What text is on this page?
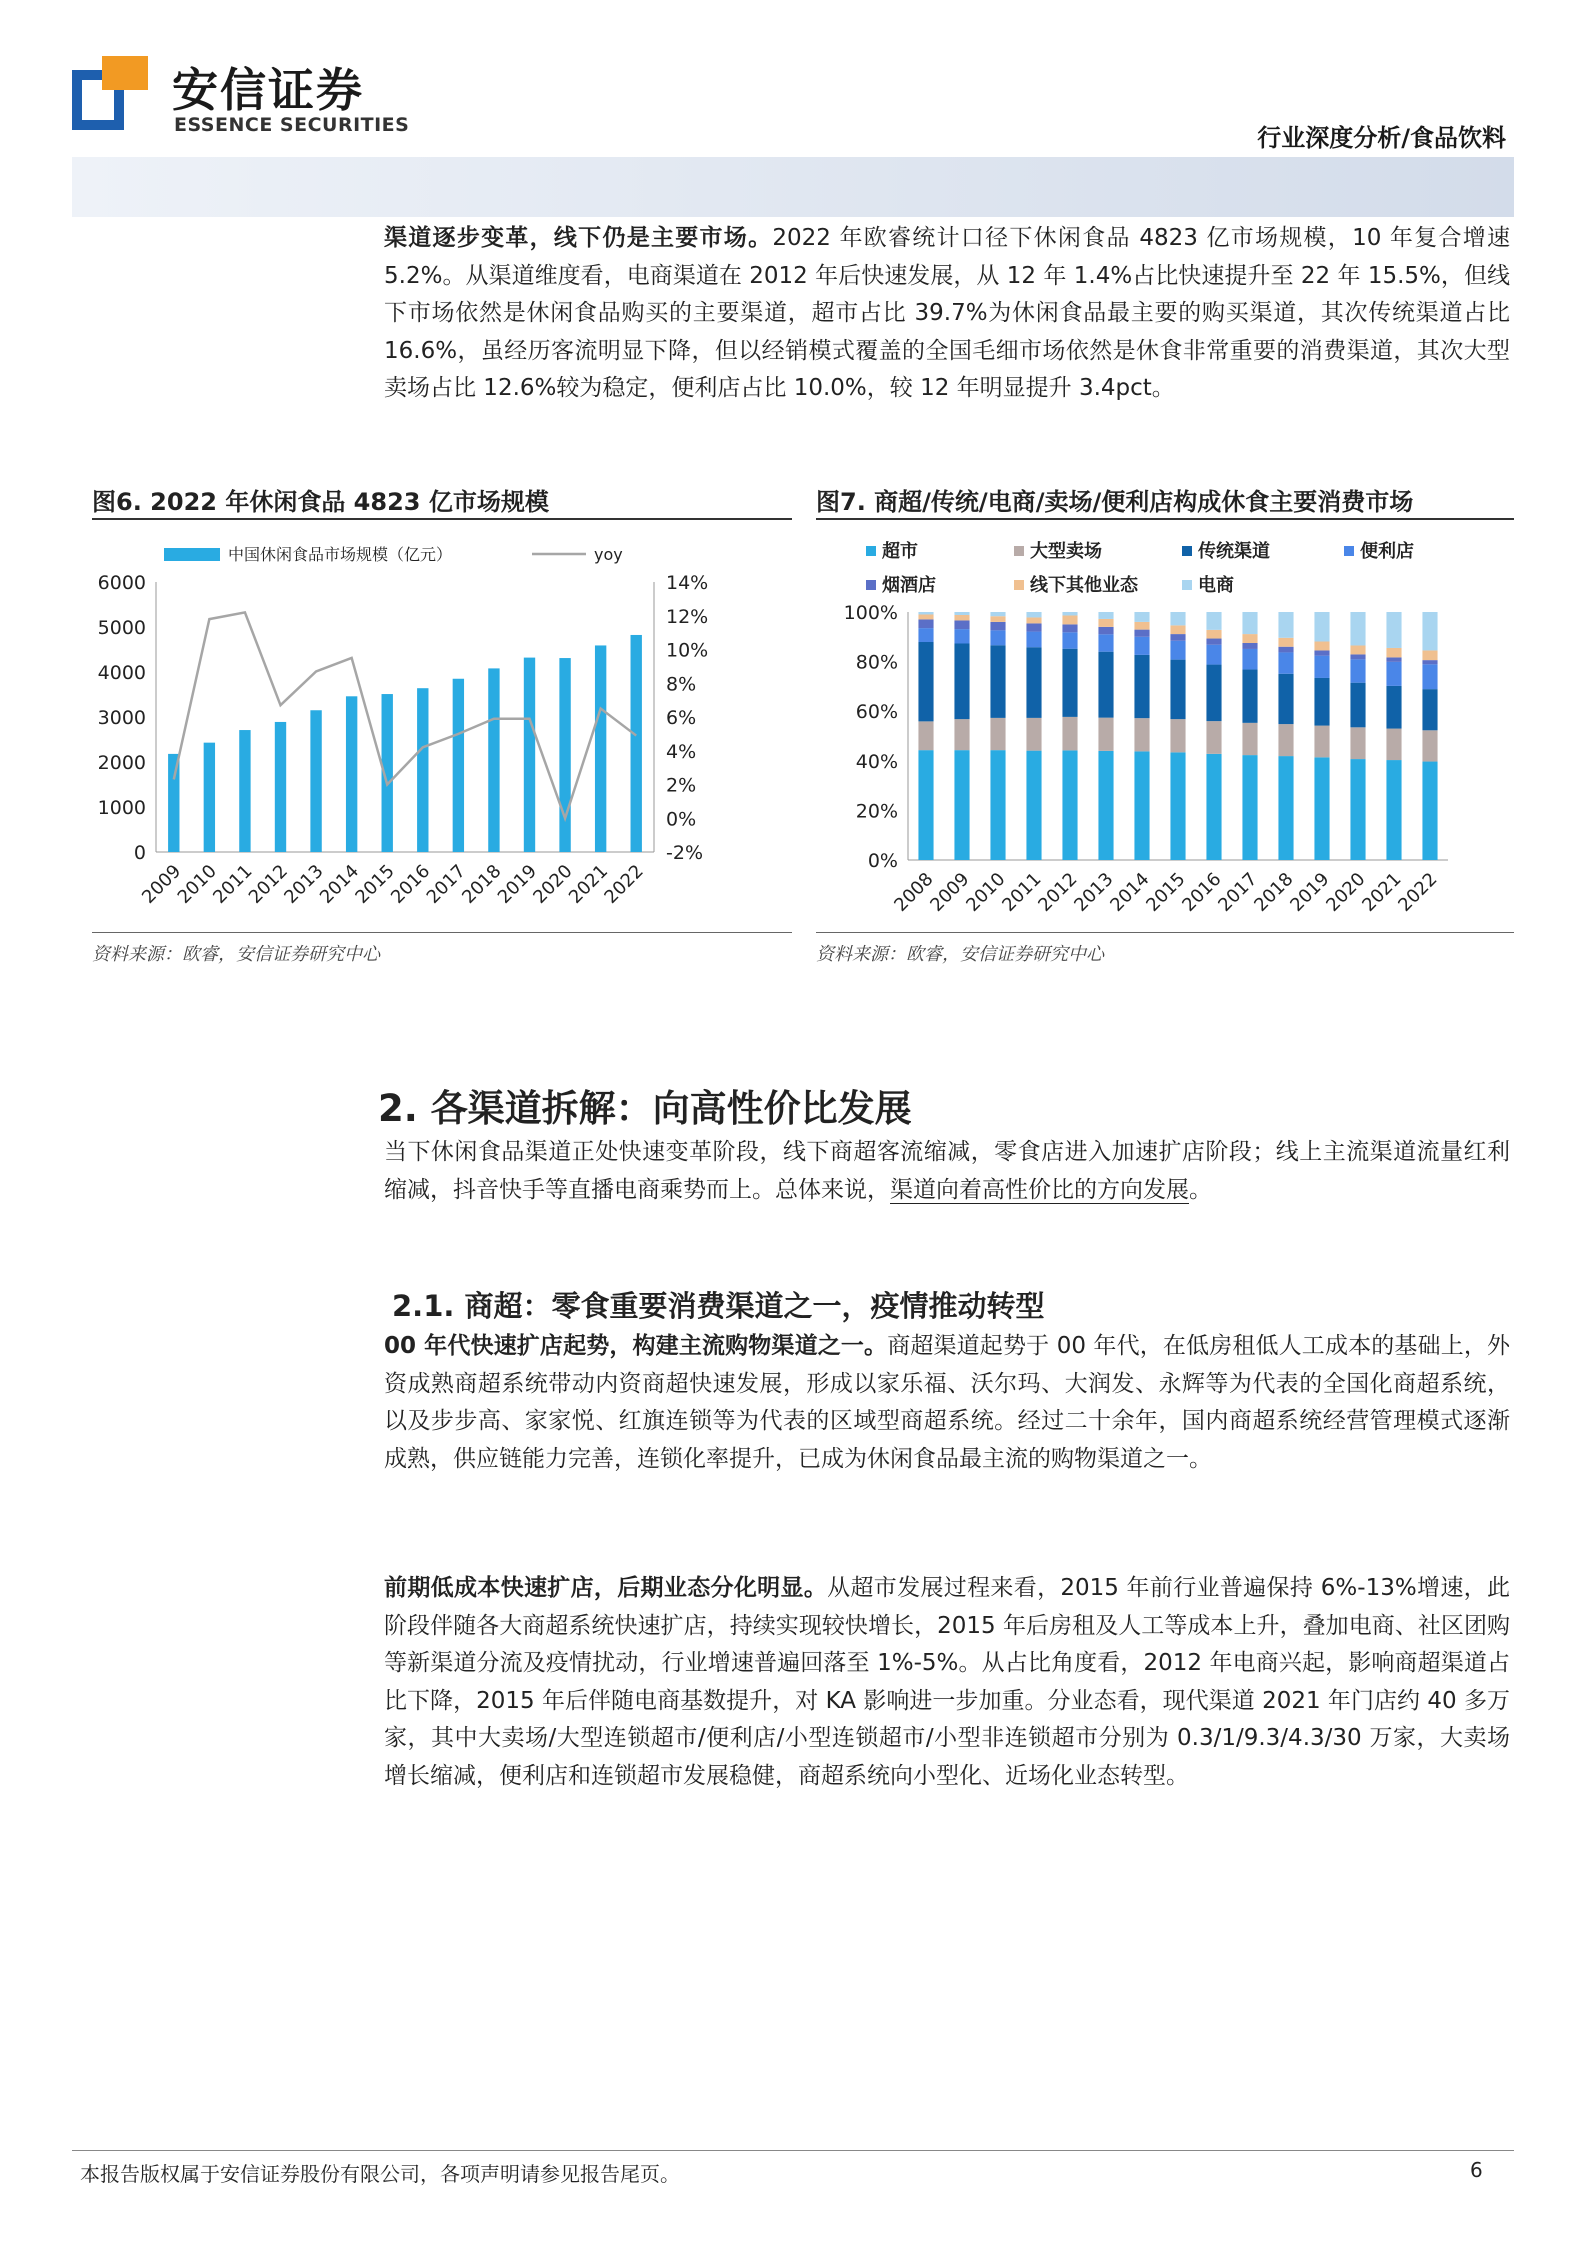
安信证券
ESSENCE SECURITIES	行业深度分析/食品饮料
渠道逐步变革，线下仍是主要市场。2022 年欧睿统计口径下休闲食品 4823 亿市场规模，10 年复合增速 5.2%。从渠道维度看，电商渠道在 2012 年后快速发展，从 12 年 1.4%占比快速提升至 22 年 15.5%，但线下市场依然是休闲食品购买的主要渠道，超市占比 39.7%为休闲食品最主要的购买渠道，其次传统渠道占比 16.6%，虽经历客流明显下降，但以经销模式覆盖的全国毛细市场依然是休食非常重要的消费渠道，其次大型卖场占比 12.6%较为稳定，便利店占比 10.0%，较 12 年明显提升 3.4pct。
图6. 2022 年休闲食品 4823 亿市场规模
中国休闲食品市场规模（亿元）	yoy
6000
5000
4000
3000
2000
1000
0
14%
12%
10%
8%
6%
4%
2%
0%
-2%
2009
2010
2011
2012
2013
2014
2015
2016
2017
2018
2019
2020
2021
2022
资料来源：欧睿，安信证券研究中心
图7. 商超/传统/电商/卖场/便利店构成休食主要消费市场
超市	大型卖场	传统渠道	便利店
烟酒店	线下其他业态	电商
100%
80%
60%
40%
20%
0%
2008
2009
2010
2011
2012
2013
2014
2015
2016
2017
2018
2019
2020
2021
2022
资料来源：欧睿，安信证券研究中心
2. 各渠道拆解：向高性价比发展
当下休闲食品渠道正处快速变革阶段，线下商超客流缩减，零食店进入加速扩店阶段；线上主流渠道流量红利缩减，抖音快手等直播电商乘势而上。总体来说，渠道向着高性价比的方向发展。
2.1. 商超：零食重要消费渠道之一，疫情推动转型
00 年代快速扩店起势，构建主流购物渠道之一。商超渠道起势于 00 年代，在低房租低人工成本的基础上，外资成熟商超系统带动内资商超快速发展，形成以家乐福、沃尔玛、大润发、永辉等为代表的全国化商超系统，以及步步高、家家悦、红旗连锁等为代表的区域型商超系统。经过二十余年，国内商超系统经营管理模式逐渐成熟，供应链能力完善，连锁化率提升，已成为休闲食品最主流的购物渠道之一。
前期低成本快速扩店，后期业态分化明显。从超市发展过程来看，2015 年前行业普遍保持 6%-13%增速，此阶段伴随各大商超系统快速扩店，持续实现较快增长，2015 年后房租及人工等成本上升，叠加电商、社区团购等新渠道分流及疫情扰动，行业增速普遍回落至 1%-5%。从占比角度看，2012 年电商兴起，影响商超渠道占比下降，2015 年后伴随电商基数提升，对 KA 影响进一步加重。分业态看，现代渠道 2021 年门店约 40 多万家，其中大卖场/大型连锁超市/便利店/小型连锁超市/小型非连锁超市分别为 0.3/1/9.3/4.3/30 万家，大卖场增长缩减，便利店和连锁超市发展稳健，商超系统向小型化、近场化业态转型。
本报告版权属于安信证券股份有限公司，各项声明请参见报告尾页。	6
